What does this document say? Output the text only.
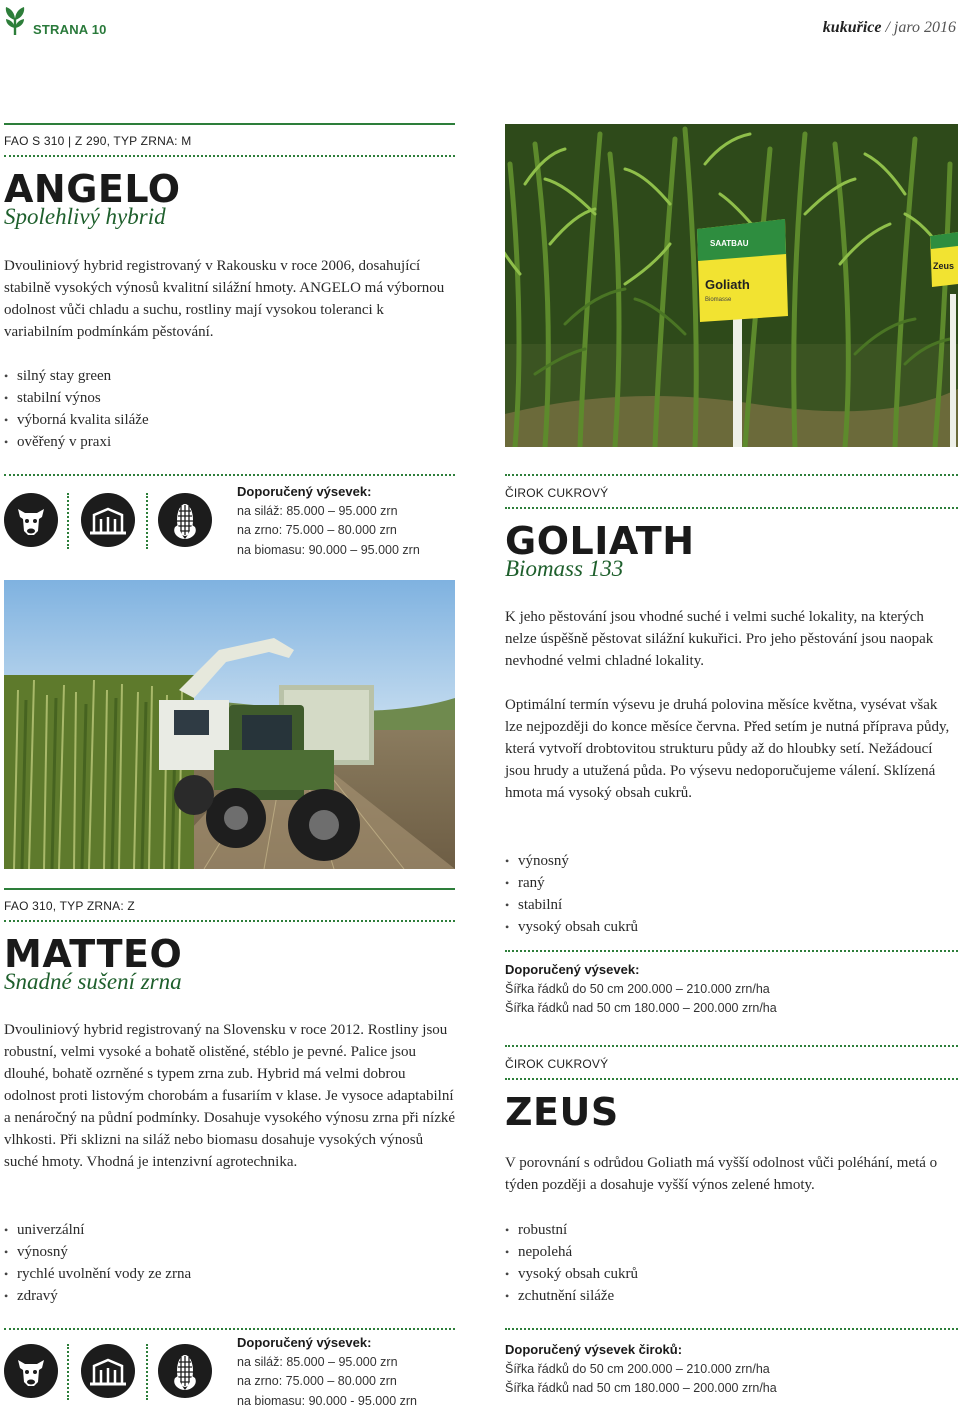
STRANA 10	kukuřice / jaro 2016
FAO S 310 | Z 290, TYP ZRNA: M
ANGELO
Spolehlivý hybrid
Dvouliniový hybrid registrovaný v Rakousku v roce 2006, dosahující stabilně vysokých výnosů kvalitní silážní hmoty. ANGELO má výbornou odolnost vůči chladu a suchu, rostliny mají vysokou toleranci k variabilním podmínkám pěstování.
• silný stay green
• stabilní výnos
• výborná kvalita siláže
• ověřený v praxi
Doporučený výsevek:
na siláž: 85.000 – 95.000 zrn
na zrno: 75.000 – 80.000 zrn
na biomasu: 90.000 – 95.000 zrn
FAO 310, TYP ZRNA: Z
MATTEO
Snadné sušení zrna
Dvouliniový hybrid registrovaný na Slovensku v roce 2012. Rostliny jsou robustní, velmi vysoké a bohatě olistěné, stéblo je pevné. Palice jsou dlouhé, bohatě ozrněné s typem zrna zub. Hybrid má velmi dobrou odolnost proti listovým chorobám a fusariím v klase. Je vysoce adaptabilní a nenáročný na půdní podmínky. Dosahuje vysokého výnosu zrna při nízké vlhkosti. Při sklizni na siláž nebo biomasu dosahuje vysokých výnosů suché hmoty. Vhodná je intenzivní agrotechnika.
• univerzální
• výnosný
• rychlé uvolnění vody ze zrna
• zdravý
Doporučený výsevek:
na siláž: 85.000 – 95.000 zrn
na zrno: 75.000 – 80.000 zrn
na biomasu: 90.000 - 95.000 zrn
SAATBAU
Goliath
Biomasse
Zeus
ČIROK CUKROVÝ
GOLIATH
Biomass 133
K jeho pěstování jsou vhodné suché i velmi suché lokality, na kterých nelze úspěšně pěstovat silážní kukuřici. Pro jeho pěstování jsou naopak nevhodné velmi chladné lokality.
Optimální termín výsevu je druhá polovina měsíce května, vysévat však lze nejpozději do konce měsíce června. Před setím je nutná příprava půdy, která vytvoří drobtovitou strukturu půdy až do hloubky setí. Nežádoucí jsou hrudy a utužená půda. Po výsevu nedoporučujeme válení. Sklízená hmota má vysoký obsah cukrů.
• výnosný
• raný
• stabilní
• vysoký obsah cukrů
Doporučený výsevek:
Šířka řádků do 50 cm 200.000 – 210.000 zrn/ha
Šířka řádků nad 50 cm 180.000 – 200.000 zrn/ha
ČIROK CUKROVÝ
ZEUS
V porovnání s odrůdou Goliath má vyšší odolnost vůči poléhání, metá o týden později a dosahuje vyšší výnos zelené hmoty.
• robustní
• nepolehá
• vysoký obsah cukrů
• zchutnění siláže
Doporučený výsevek čiroků:
Šířka řádků do 50 cm 200.000 – 210.000 zrn/ha
Šířka řádků nad 50 cm 180.000 – 200.000 zrn/ha
